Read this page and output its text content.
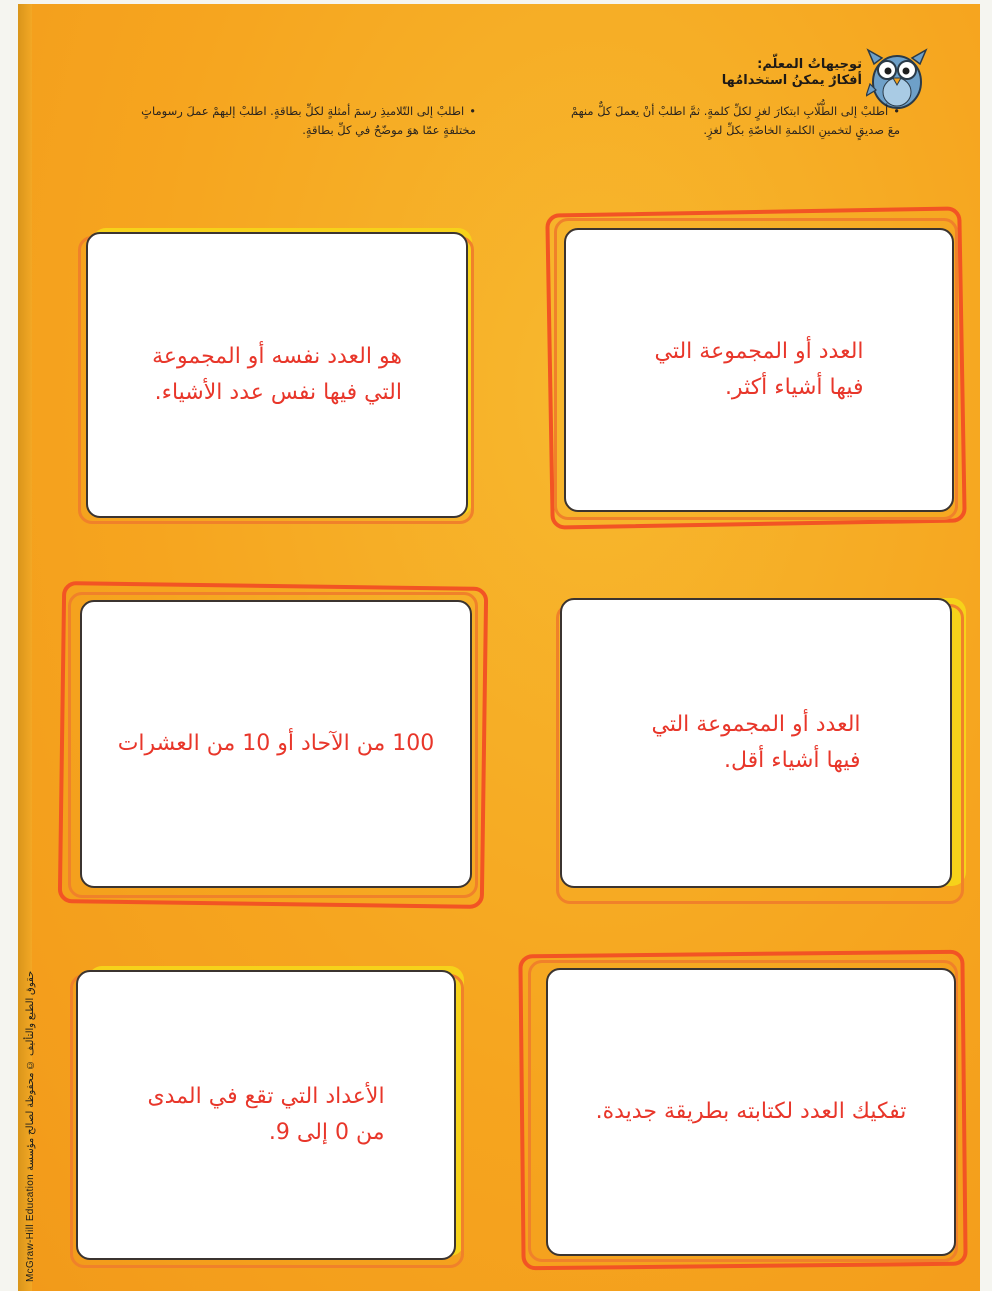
توجيهاتُ المعلّم:
أفكارٌ يمكنُ استخدامُها
• أطلبْ إلى الطُّلّابِ ابتكارَ لغزٍ لكلِّ كلمةٍ. ثمَّ اطلبْ أنْ يعملَ كلٌّ منهمْ معَ صديقٍ لتخمينِ الكلمةِ الخاصّةِ بكلِّ لغزٍ.
• اطلبْ إلى التّلاميذِ رسمَ أمثلةٍ لكلِّ بطاقةٍ. اطلبْ إليهمْ عملَ رسوماتٍ مختلفةٍ عمّا هوَ موضّحٌ في كلِّ بطاقةٍ.
العدد أو المجموعة التي
فيها أشياء أكثر.
هو العدد نفسه أو المجموعة
التي فيها نفس عدد الأشياء.
العدد أو المجموعة التي
فيها أشياء أقل.
100 من الآحاد أو 10 من العشرات
تفكيك العدد لكتابته بطريقة جديدة.
الأعداد التي تقع في المدى
من 0 إلى 9.
McGraw-Hill Education حقوق الطبع والتأليف © محفوظة لصالح مؤسسة
